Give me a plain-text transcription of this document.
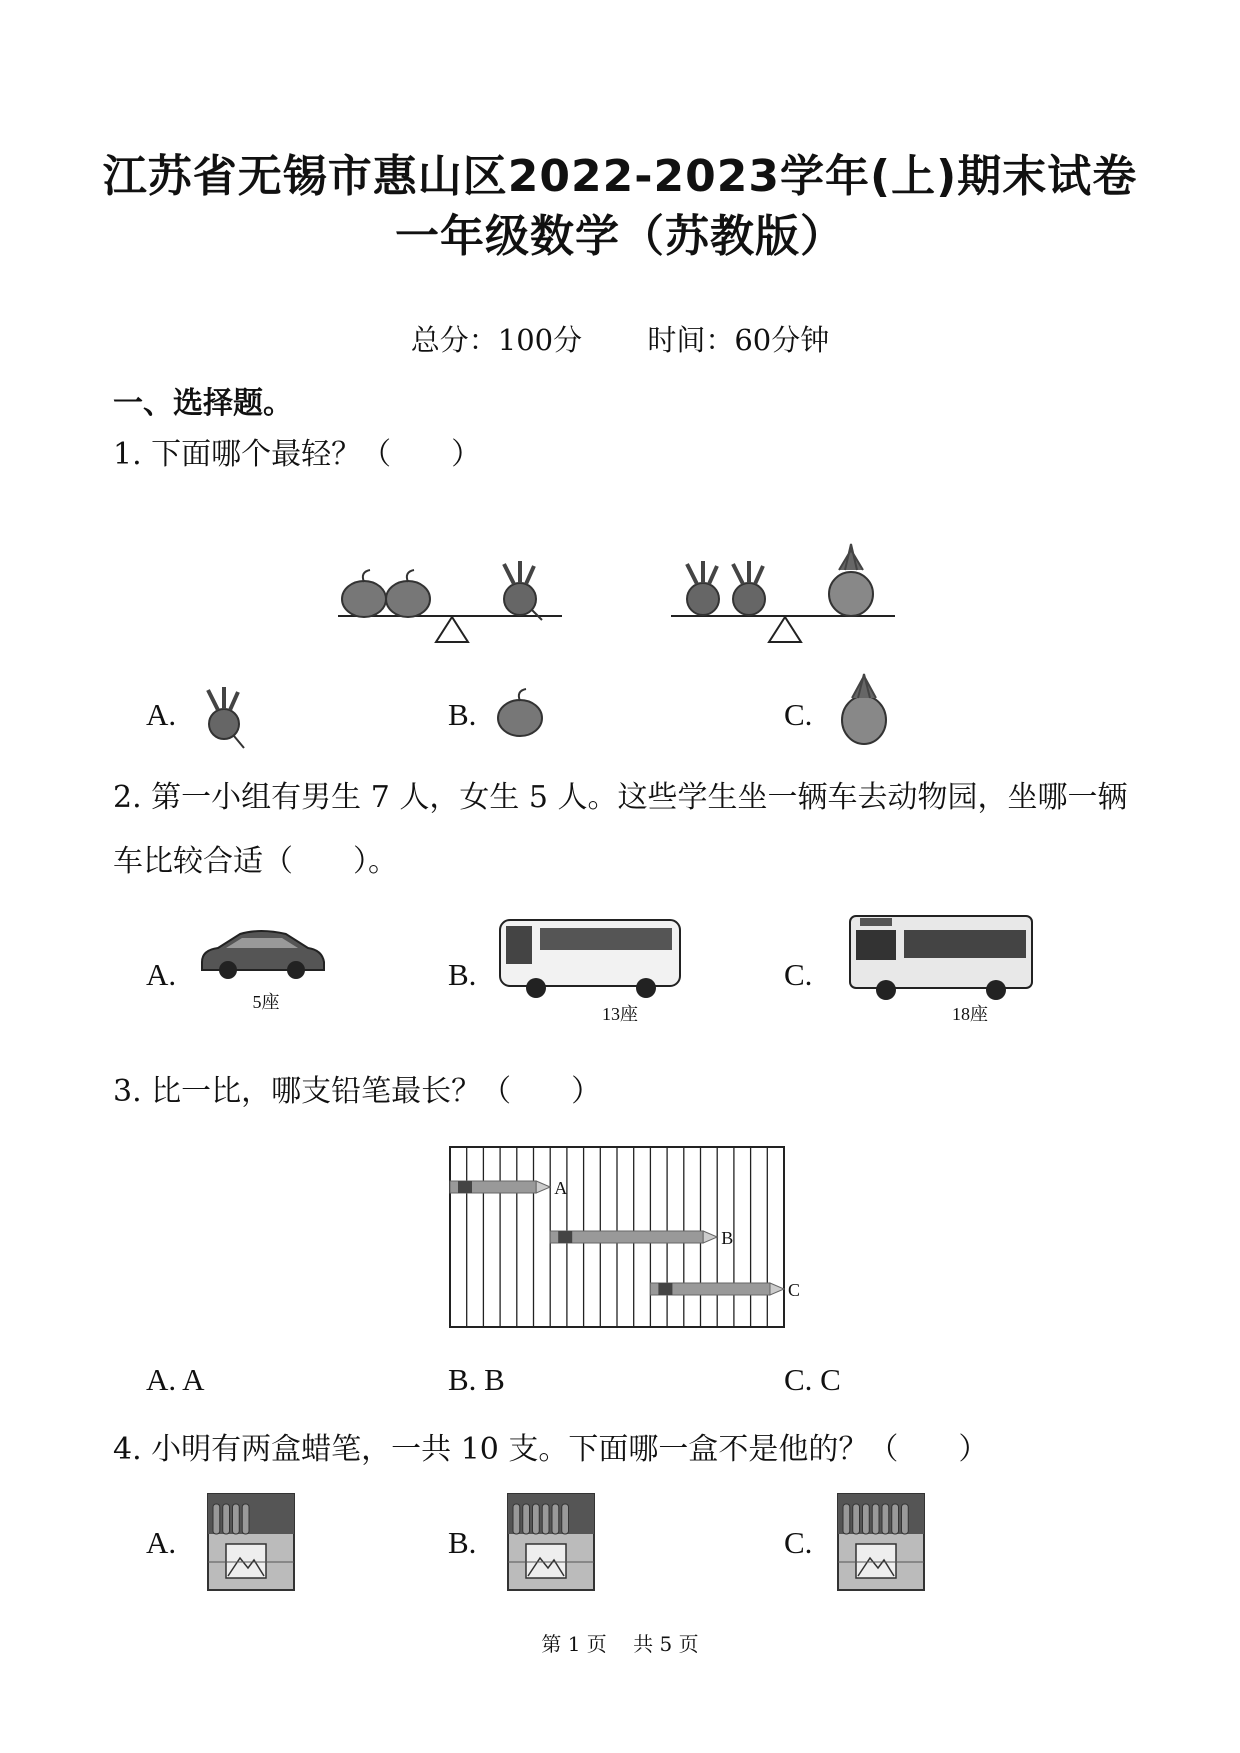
江苏省无锡市惠山区2022-2023学年(上)期末试卷
一年级数学（苏教版）
总分：100分 时间：60分钟
一、选择题。
1. 下面哪个最轻？（　　）
A.	B.	C.
2. 第一小组有男生 7 人，女生 5 人。这些学生坐一辆车去动物园，坐哪一辆车比较合适（　　）。
A.
5座
B.
13座
C.
18座
3. 比一比，哪支铅笔最长？（　　）
A
B
C
A. A	B. B	C. C
4. 小明有两盒蜡笔，一共 10 支。下面哪一盒不是他的？（　　）
A.	B.	C.
第 1 页 共 5 页
